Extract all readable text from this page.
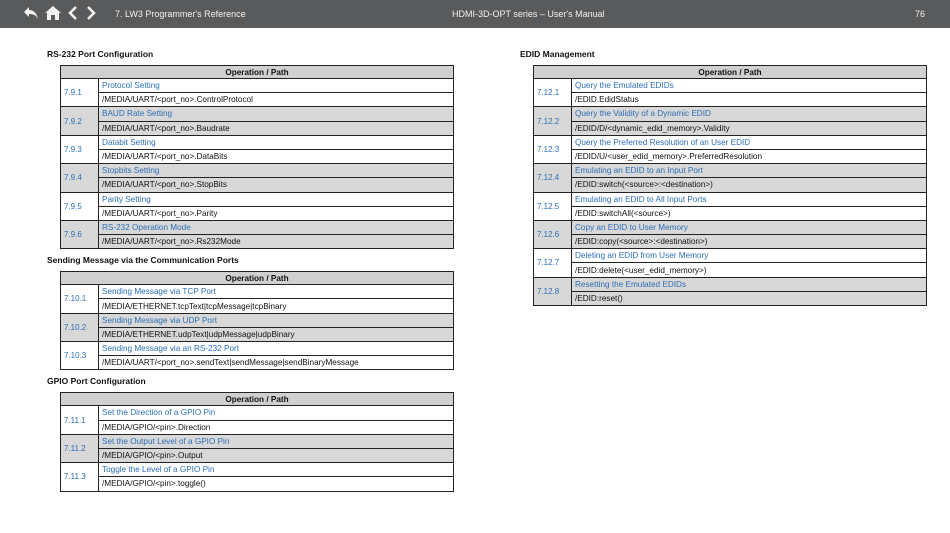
7. LW3 Programmer's Reference	HDMI-3D-OPT series – User's Manual	76
RS-232 Port Configuration
Operation / Path	
7.9.1	Protocol Setting
	/MEDIA/UART/<port_no>.ControlProtocol
7.9.2	BAUD Rate Setting
	/MEDIA/UART/<port_no>.Baudrate
7.9.3	Databit Setting
	/MEDIA/UART/<port_no>.DataBits
7.9.4	Stopbits Setting
	/MEDIA/UART/<port_no>.StopBits
7.9.5	Parity Setting
	/MEDIA/UART/<port_no>.Parity
7.9.6	RS-232 Operation Mode
	/MEDIA/UART/<port_no>.Rs232Mode
Sending Message via the Communication Ports
Operation / Path	
7.10.1	Sending Message via TCP Port
	/MEDIA/ETHERNET.tcpText|tcpMessage|tcpBinary
7.10.2	Sending Message via UDP Port
	/MEDIA/ETHERNET.udpText|udpMessage|udpBinary
7.10.3	Sending Message via an RS-232 Port
	/MEDIA/UART/<port_no>.sendText|sendMessage|sendBinaryMessage
GPIO Port Configuration
Operation / Path	
7.11.1	Set the Direction of a GPIO Pin
	/MEDIA/GPIO/<pin>.Direction
7.11.2	Set the Output Level of a GPIO Pin
	/MEDIA/GPIO/<pin>.Output
7.11.3	Toggle the Level of a GPIO Pin
	/MEDIA/GPIO/<pin>.toggle()
EDID Management
Operation / Path	
7.12.1	Query the Emulated EDIDs
	/EDID.EdidStatus
7.12.2	Query the Validity of a Dynamic EDID
	/EDID/D/<dynamic_edid_memory>.Validity
7.12.3	Query the Preferred Resolution of an User EDID
	/EDID/U/<user_edid_memory>.PreferredResolution
7.12.4	Emulating an EDID to an Input Port
	/EDID:switch(<source>:<destination>)
7.12.5	Emulating an EDID to All Input Ports
	/EDID:switchAll(<source>)
7.12.6	Copy an EDID to User Memory
	/EDID:copy(<source>:<destination>)
7.12.7	Deleting an EDID from User Memory
	/EDID:delete(<user_edid_memory>)
7.12.8	Resetting the Emulated EDIDs
	/EDID:reset()
